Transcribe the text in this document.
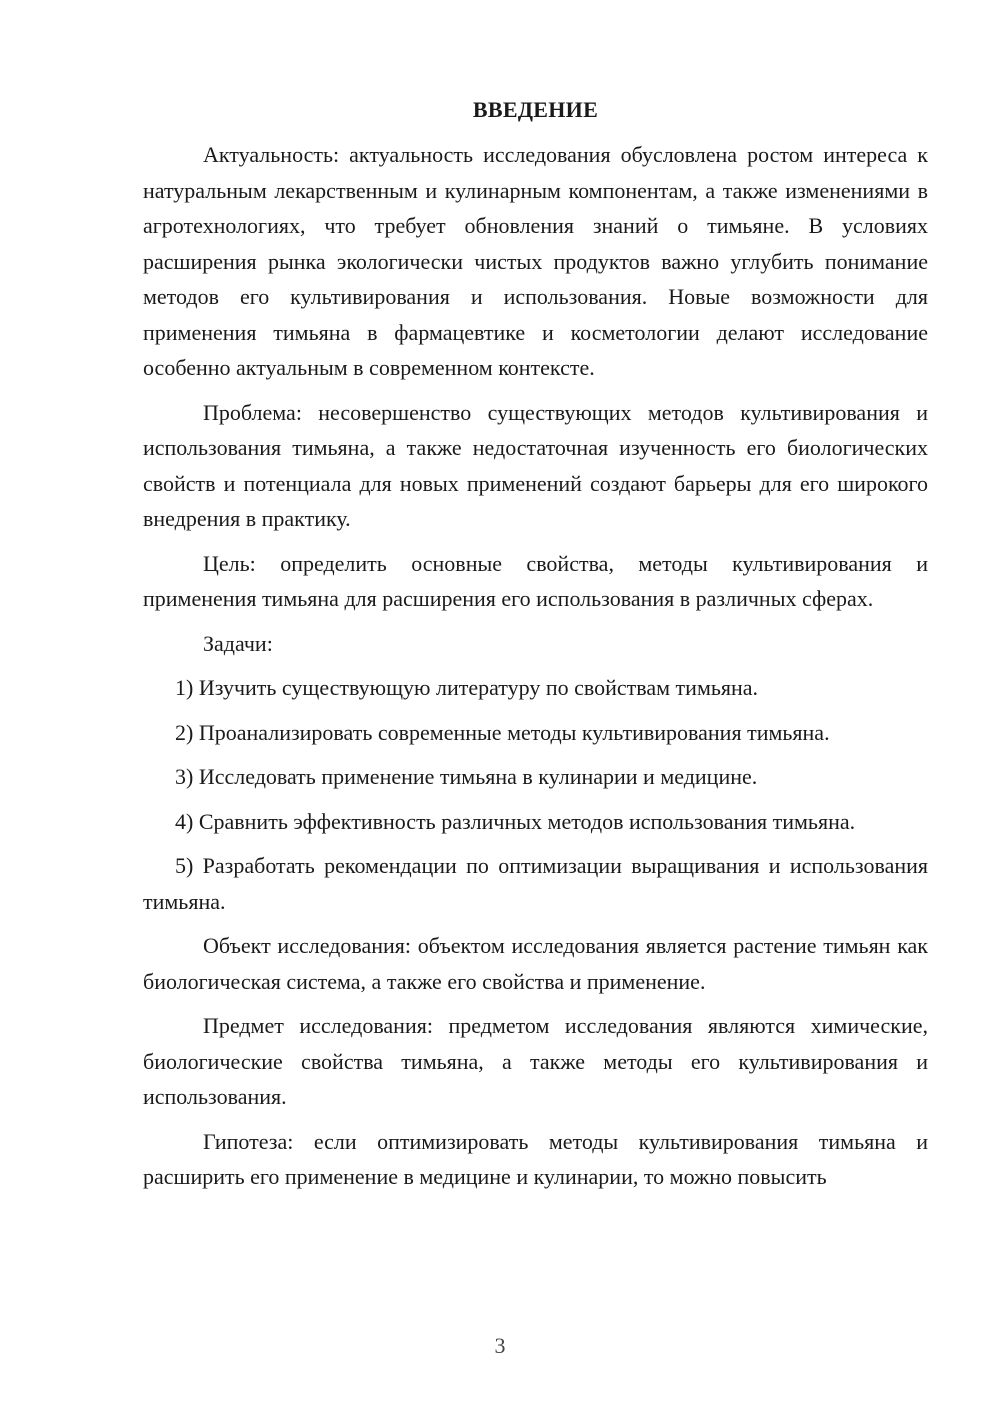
ВВЕДЕНИЕ

Актуальность: актуальность исследования обусловлена ростом интереса к натуральным лекарственным и кулинарным компонентам, а также изменениями в агротехнологиях, что требует обновления знаний о тимьяне. В условиях расширения рынка экологически чистых продуктов важно углубить понимание методов его культивирования и использования. Новые возможности для применения тимьяна в фармацевтике и косметологии делают исследование особенно актуальным в современном контексте.

Проблема: несовершенство существующих методов культивирования и использования тимьяна, а также недостаточная изученность его биологических свойств и потенциала для новых применений создают барьеры для его широкого внедрения в практику.

Цель: определить основные свойства, методы культивирования и применения тимьяна для расширения его использования в различных сферах.

Задачи:

1) Изучить существующую литературу по свойствам тимьяна.

2) Проанализировать современные методы культивирования тимьяна.

3) Исследовать применение тимьяна в кулинарии и медицине.

4) Сравнить эффективность различных методов использования тимьяна.

5) Разработать рекомендации по оптимизации выращивания и использования тимьяна.

Объект исследования: объектом исследования является растение тимьян как биологическая система, а также его свойства и применение.

Предмет исследования: предметом исследования являются химические, биологические свойства тимьяна, а также методы его культивирования и использования.

Гипотеза: если оптимизировать методы культивирования тимьяна и расширить его применение в медицине и кулинарии, то можно повысить

3
